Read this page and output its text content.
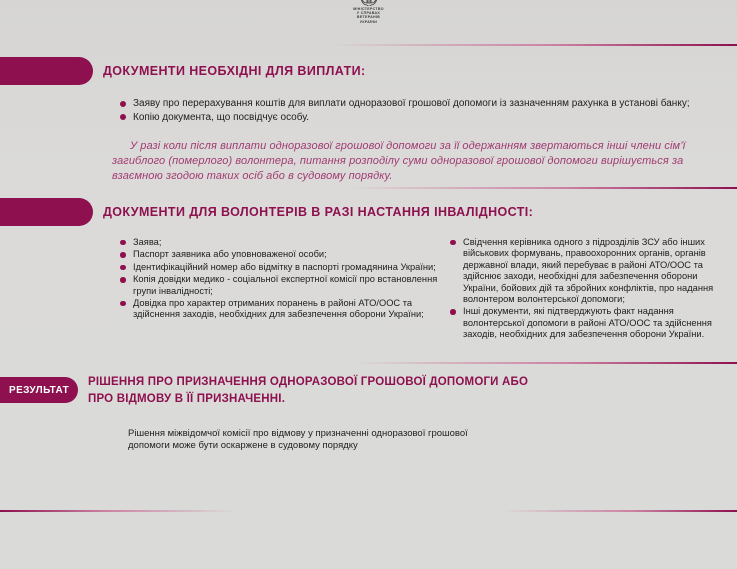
МІНІСТЕРСТВО
У СПРАВАХ
ВЕТЕРАНІВ
УКРАЇНИ
ДОКУМЕНТИ НЕОБХІДНІ ДЛЯ ВИПЛАТИ:
Заяву про перерахування коштів для виплати одноразової грошової допомоги із зазначенням рахунка в установі банку;
Копію документа, що посвідчує особу.

У разі коли після виплати одноразової грошової допомоги за її одержанням звертаються інші члени сім’ї загиблого (померлого) волонтера, питання розподілу суми одноразової грошової допомоги вирішується за взаємною згодою таких осіб або в судовому порядку.

ДОКУМЕНТИ ДЛЯ ВОЛОНТЕРІВ В РАЗІ НАСТАННЯ ІНВАЛІДНОСТІ:
Заява;
Паспорт заявника або уповноваженої особи;
Ідентифікаційний номер або відмітку в паспорті громадянина України;
Копія довідки медико - соціальної експертної комісії про встановлення групи інвалідності;
Довідка про характер отриманих поранень в районі АТО/ООС та здійснення заходів, необхідних для забезпечення оборони України;
Свідчення керівника одного з підрозділів ЗСУ або інших військових формувань, правоохоронних органів, органів державної влади, який перебуває в районі АТО/ООС та здійснює заходи, необхідні для забезпечення оборони України, бойових дій та збройних конфліктів, про надання волонтером волонтерської допомоги;
Інші документи, які підтверджують факт надання волонтерської допомоги в районі АТО/ООС та здійснення заходів, необхідних для забезпечення оборони України.
РЕЗУЛЬТАТ
РІШЕННЯ ПРО ПРИЗНАЧЕННЯ ОДНОРАЗОВОЇ ГРОШОВОЇ ДОПОМОГИ АБО ПРО ВІДМОВУ В ЇЇ ПРИЗНАЧЕННІ.

Рішення міжвідомчої комісії про відмову у призначенні одноразової грошової допомоги може бути оскаржене в судовому порядку
